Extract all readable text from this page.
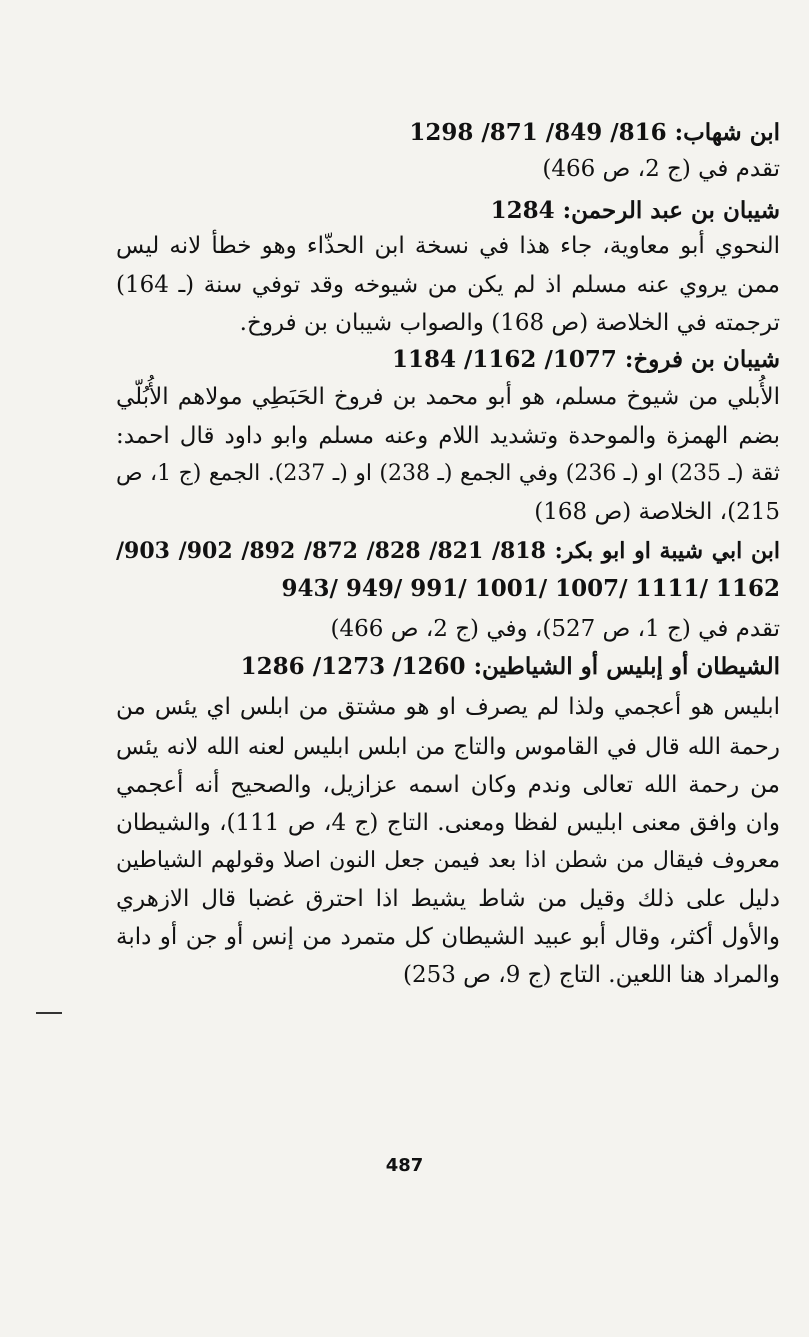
ابن شهاب: 816/ 849/ 871/ 1298
تقدم في (ج 2، ص 466)
شيبان بن عبد الرحمن: 1284
النحوي أبو معاوية، جاء هذا في نسخة ابن الحذّاء وهو خطأ لانه ليس
ممن يروي عنه مسلم اذ لم يكن من شيوخه وقد توفي سنة (ـ 164)
ترجمته في الخلاصة (ص 168) والصواب شيبان بن فروخ.
شيبان بن فروخ: 1077/ 1162/ 1184
الأُبلي من شيوخ مسلم، هو أبو محمد بن فروخ الحَبَطِي مولاهم الأُبُلّي
بضم الهمزة والموحدة وتشديد اللام وعنه مسلم وابو داود قال احمد:
ثقة (ـ 235) او (ـ 236) وفي الجمع (ـ 238) او (ـ 237). الجمع (ج 1، ص
215)، الخلاصة (ص 168)
ابن ابي شيبة او ابو بكر: 818/ 821/ 828/ 872/ 892/ 902/ 903/
943/ 949/ 991/ 1001/ 1007/ 1111/ 1162
تقدم في (ج 1، ص 527)، وفي (ج 2، ص 466)
الشيطان أو إبليس أو الشياطين: 1260/ 1273/ 1286
ابليس هو أعجمي ولذا لم يصرف او هو مشتق من ابلس اي يئس من
رحمة الله قال في القاموس والتاج من ابلس ابليس لعنه الله لانه يئس
من رحمة الله تعالى وندم وكان اسمه عزازيل، والصحيح أنه أعجمي
وان وافق معنى ابليس لفظا ومعنى. التاج (ج 4، ص 111)، والشيطان
معروف فيقال من شطن اذا بعد فيمن جعل النون اصلا وقولهم الشياطين
دليل على ذلك وقيل من شاط يشيط اذا احترق غضبا قال الازهري
والأول أكثر، وقال أبو عبيد الشيطان كل متمرد من إنس أو جن أو دابة
والمراد هنا اللعين. التاج (ج 9، ص 253)
487
